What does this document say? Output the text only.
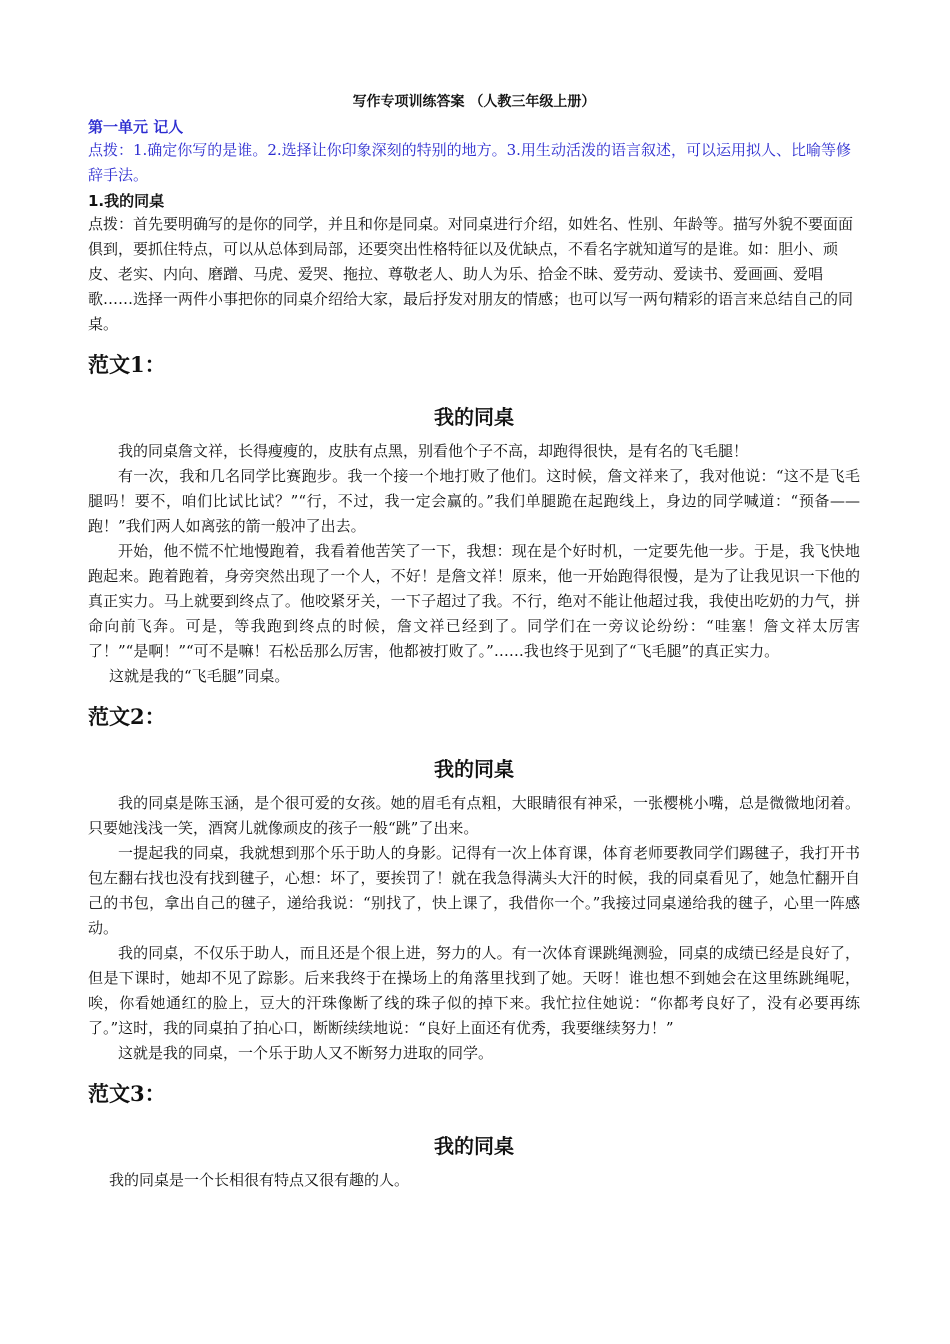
写作专项训练答案 （人教三年级上册）
第一单元 记人

点拨：1.确定你写的是谁。2.选择让你印象深刻的特别的地方。3.用生动活泼的语言叙述，可以运用拟人、比喻等修辞手法。

1.我的同桌

点拨：首先要明确写的是你的同学，并且和你是同桌。对同桌进行介绍，如姓名、性别、年龄等。描写外貌不要面面俱到，要抓住特点，可以从总体到局部，还要突出性格特征以及优缺点，不看名字就知道写的是谁。如：胆小、顽皮、老实、内向、磨蹭、马虎、爱哭、拖拉、尊敬老人、助人为乐、拾金不昧、爱劳动、爱读书、爱画画、爱唱歌……选择一两件小事把你的同桌介绍给大家，最后抒发对朋友的情感；也可以写一两句精彩的语言来总结自己的同桌。

范文1：
我的同桌

我的同桌詹文祥，长得瘦瘦的，皮肤有点黑，别看他个子不高，却跑得很快，是有名的飞毛腿！

有一次，我和几名同学比赛跑步。我一个接一个地打败了他们。这时候，詹文祥来了，我对他说：“这不是飞毛腿吗！要不，咱们比试比试？”“行，不过，我一定会赢的。”我们单腿跪在起跑线上，身边的同学喊道：“预备——跑！”我们两人如离弦的箭一般冲了出去。

开始，他不慌不忙地慢跑着，我看着他苦笑了一下，我想：现在是个好时机，一定要先他一步。于是，我飞快地跑起来。跑着跑着，身旁突然出现了一个人，不好！是詹文祥！原来，他一开始跑得很慢，是为了让我见识一下他的真正实力。马上就要到终点了。他咬紧牙关，一下子超过了我。不行，绝对不能让他超过我，我使出吃奶的力气，拼命向前飞奔。可是，等我跑到终点的时候，詹文祥已经到了。同学们在一旁议论纷纷：“哇塞！詹文祥太厉害了！”“是啊！”“可不是嘛！石松岳那么厉害，他都被打败了。”……我也终于见到了“飞毛腿”的真正实力。

这就是我的“飞毛腿”同桌。

范文2：
我的同桌

我的同桌是陈玉涵，是个很可爱的女孩。她的眉毛有点粗，大眼睛很有神采，一张樱桃小嘴，总是微微地闭着。只要她浅浅一笑，酒窝儿就像顽皮的孩子一般“跳”了出来。

一提起我的同桌，我就想到那个乐于助人的身影。记得有一次上体育课，体育老师要教同学们踢毽子，我打开书包左翻右找也没有找到毽子，心想：坏了，要挨罚了！就在我急得满头大汗的时候，我的同桌看见了，她急忙翻开自己的书包，拿出自己的毽子，递给我说：“别找了，快上课了，我借你一个。”我接过同桌递给我的毽子，心里一阵感动。

我的同桌，不仅乐于助人，而且还是个很上进，努力的人。有一次体育课跳绳测验，同桌的成绩已经是良好了，但是下课时，她却不见了踪影。后来我终于在操场上的角落里找到了她。天呀！谁也想不到她会在这里练跳绳呢，唉，你看她通红的脸上，豆大的汗珠像断了线的珠子似的掉下来。我忙拉住她说：“你都考良好了，没有必要再练了。”这时，我的同桌拍了拍心口，断断续续地说：“良好上面还有优秀，我要继续努力！”

这就是我的同桌，一个乐于助人又不断努力进取的同学。

范文3：
我的同桌

我的同桌是一个长相很有特点又很有趣的人。
